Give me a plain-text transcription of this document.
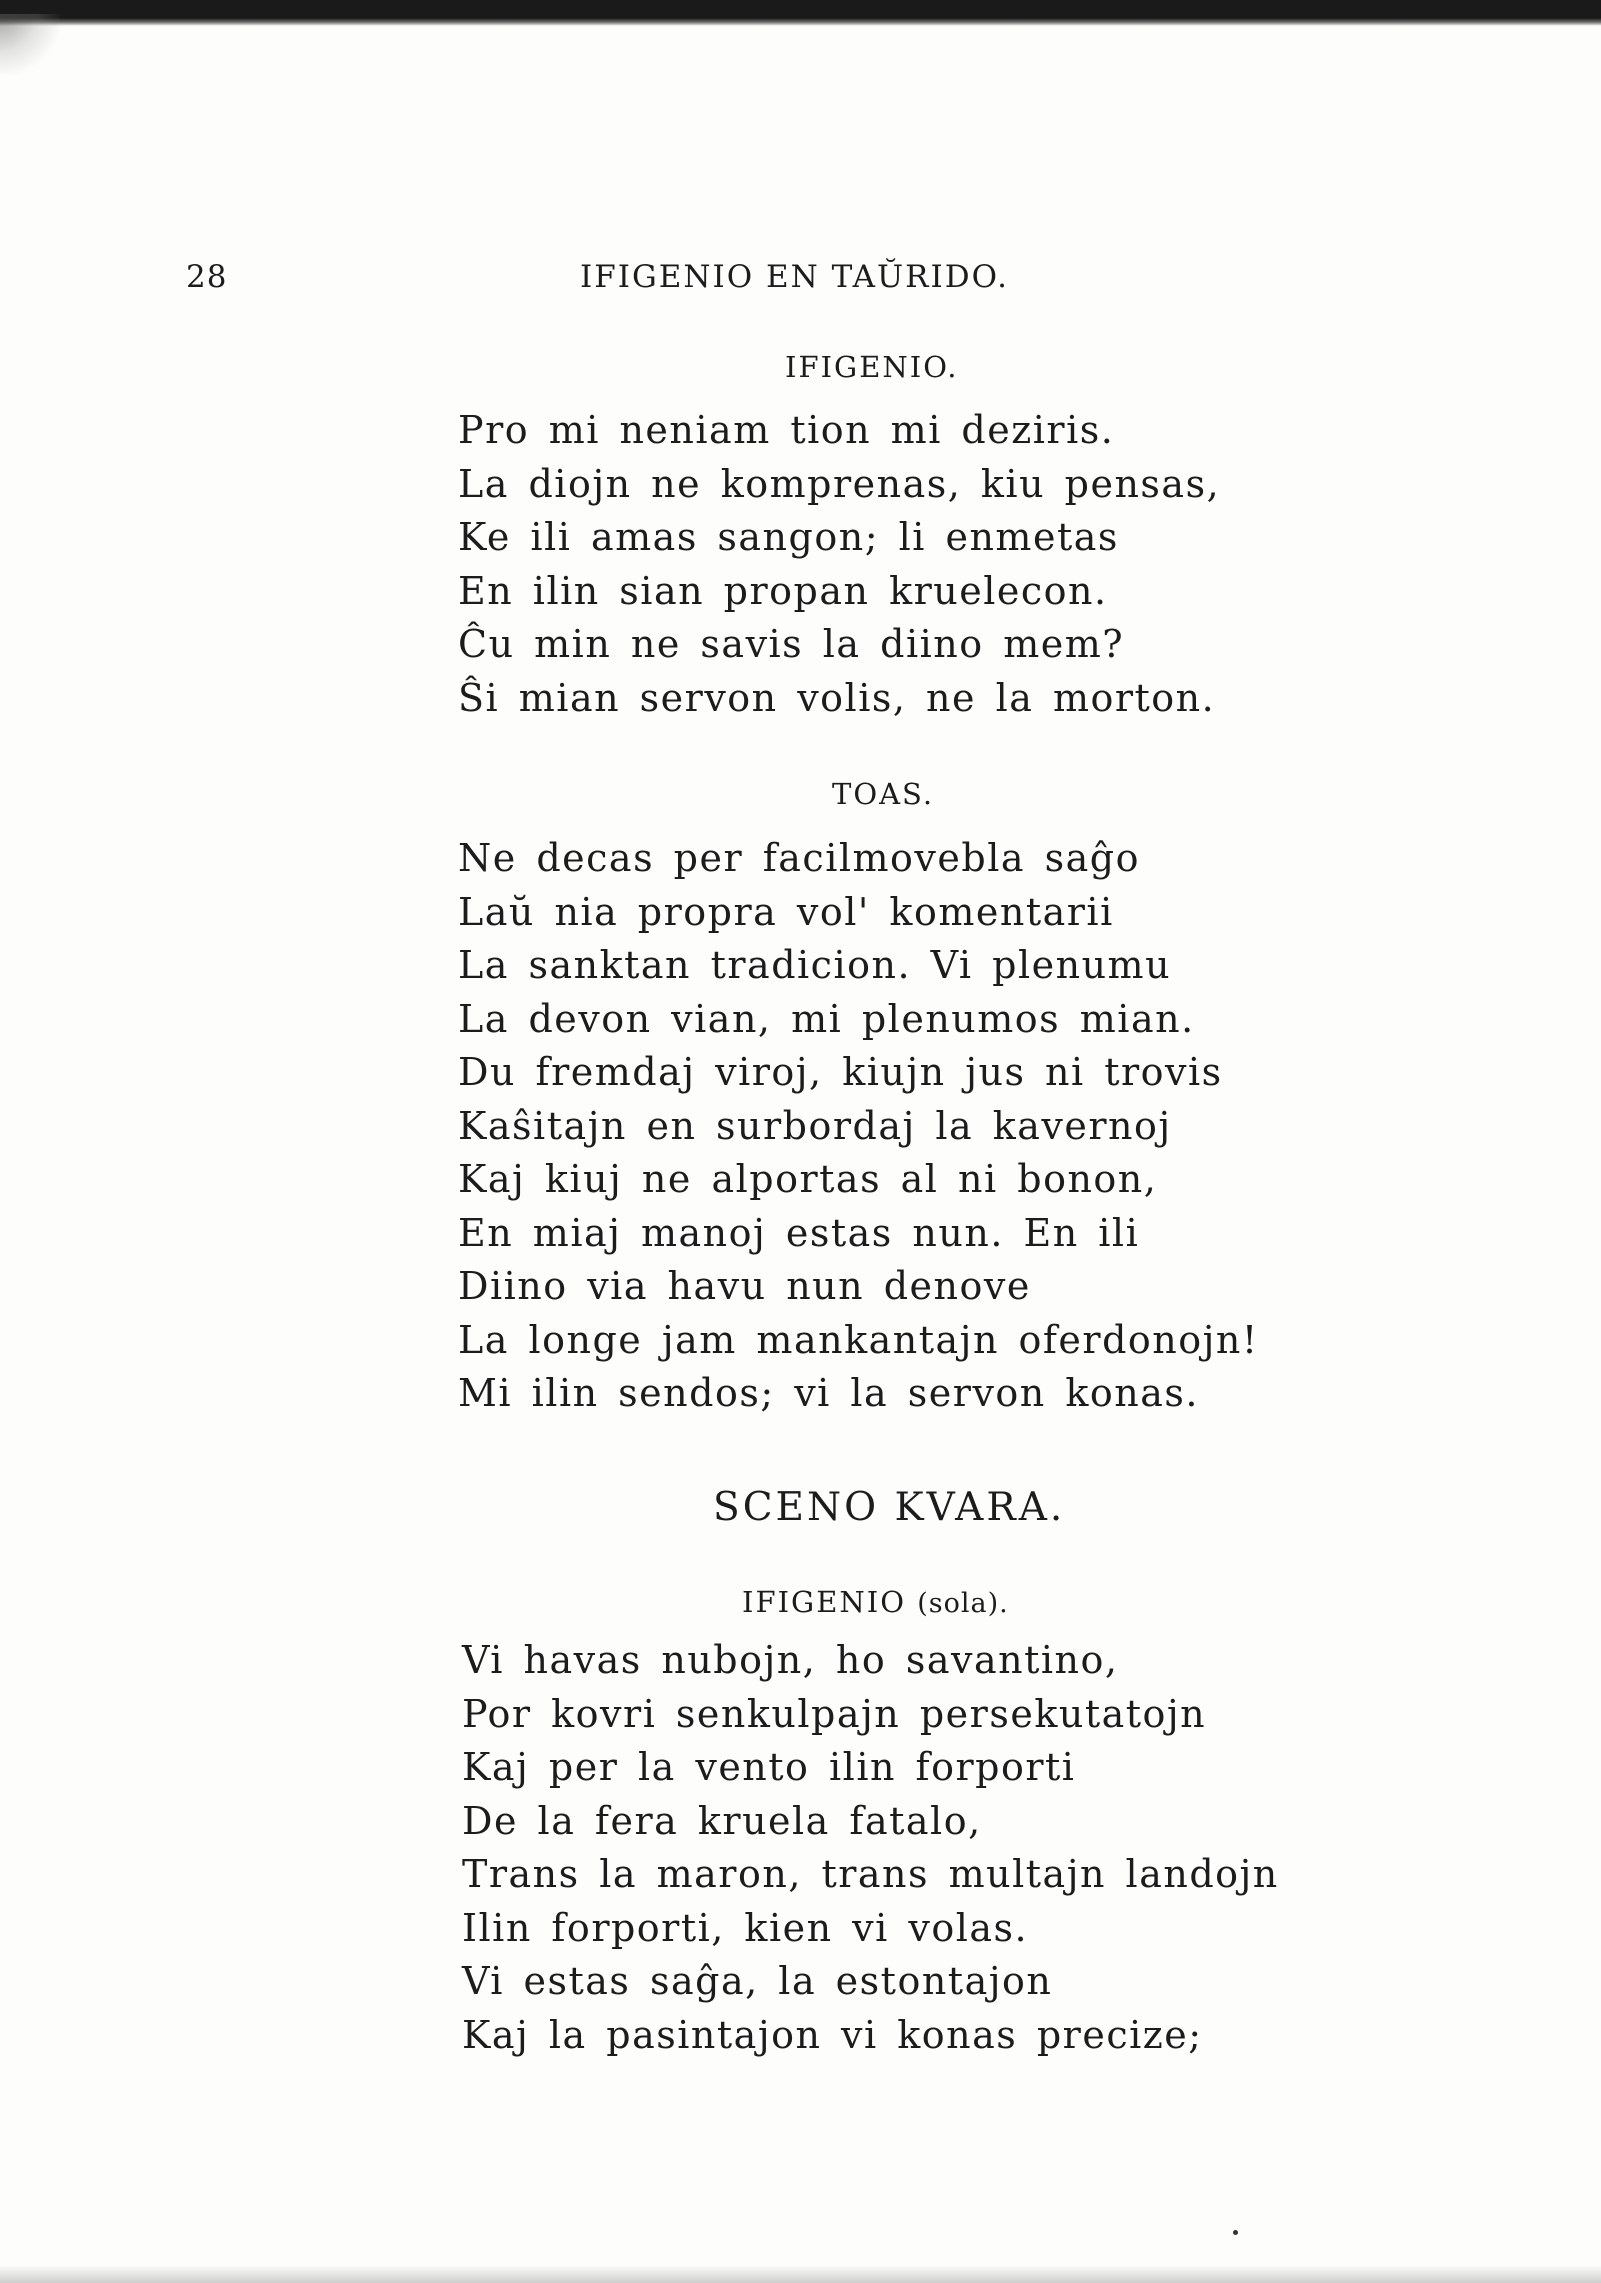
28	IFIGENIO EN TAŬRIDO.
IFIGENIO.
Pro mi neniam tion mi deziris.
La diojn ne komprenas, kiu pensas,
Ke ili amas sangon; li enmetas
En ilin sian propan kruelecon.
Ĉu min ne savis la diino mem?
Ŝi mian servon volis, ne la morton.
TOAS.
Ne decas per facilmovebla saĝo
Laŭ nia propra vol' komentarii
La sanktan tradicion. Vi plenumu
La devon vian, mi plenumos mian.
Du fremdaj viroj, kiujn jus ni trovis
Kaŝitajn en surbordaj la kavernoj
Kaj kiuj ne alportas al ni bonon,
En miaj manoj estas nun. En ili
Diino via havu nun denove
La longe jam mankantajn oferdonojn!
Mi ilin sendos; vi la servon konas.
SCENO KVARA.
IFIGENIO (sola).
Vi havas nubojn, ho savantino,
Por kovri senkulpajn persekutatojn
Kaj per la vento ilin forporti
De la fera kruela fatalo,
Trans la maron, trans multajn landojn
Ilin forporti, kien vi volas.
Vi estas saĝa, la estontajon
Kaj la pasintajon vi konas precize;
